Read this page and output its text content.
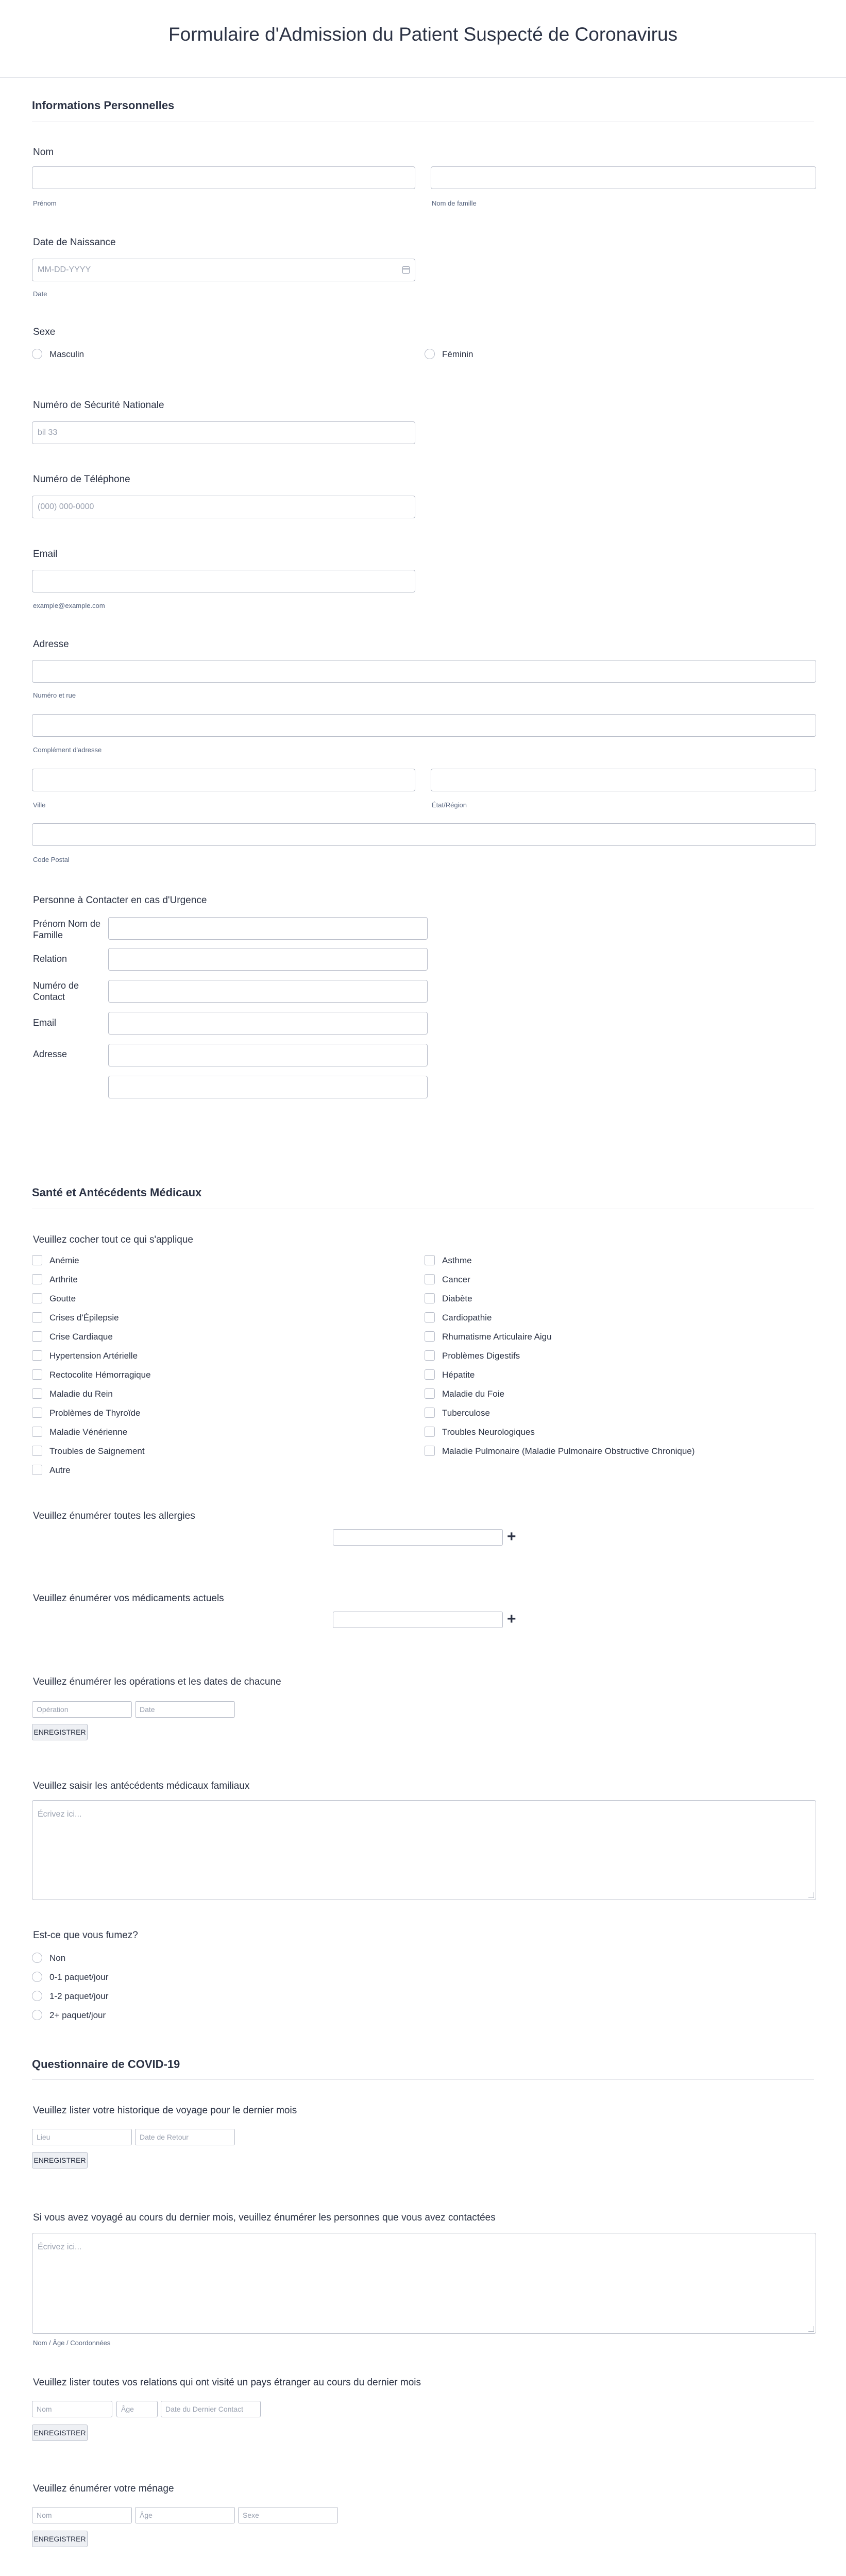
Formulaire d'Admission du Patient Suspecté de Coronavirus
Informations Personnelles
Nom
Prénom	Nom de famille
Date de Naissance
MM-DD-YYYY
Date
Sexe
Masculin	Féminin
Numéro de Sécurité Nationale
bil 33
Numéro de Téléphone
(000) 000-0000
Email
example@example.com
Adresse
Numéro et rue
Complément d'adresse
Ville	État/Région
Code Postal
Personne à Contacter en cas d'Urgence
Prénom Nom de Famille
Relation
Numéro de Contact
Email
Adresse
Santé et Antécédents Médicaux
Veuillez cocher tout ce qui s'applique
Anémie
Arthrite
Goutte
Crises d'Épilepsie
Crise Cardiaque
Hypertension Artérielle
Rectocolite Hémorragique
Maladie du Rein
Problèmes de Thyroïde
Maladie Vénérienne
Troubles de Saignement
Autre
Asthme
Cancer
Diabète
Cardiopathie
Rhumatisme Articulaire Aigu
Problèmes Digestifs
Hépatite
Maladie du Foie
Tuberculose
Troubles Neurologiques
Maladie Pulmonaire (Maladie Pulmonaire Obstructive Chronique)
Veuillez énumérer toutes les allergies
+
Veuillez énumérer vos médicaments actuels
+
Veuillez énumérer les opérations et les dates de chacune
Opération	Date
ENREGISTRER
Veuillez saisir les antécédents médicaux familiaux
Écrivez ici...
Est-ce que vous fumez?
Non
0-1 paquet/jour
1-2 paquet/jour
2+ paquet/jour
Questionnaire de COVID-19
Veuillez lister votre historique de voyage pour le dernier mois
Lieu	Date de Retour
ENREGISTRER
Si vous avez voyagé au cours du dernier mois, veuillez énumérer les personnes que vous avez contactées
Écrivez ici...
Nom / Âge / Coordonnées
Veuillez lister toutes vos relations qui ont visité un pays étranger au cours du dernier mois
Nom	Âge	Date du Dernier Contact
ENREGISTRER
Veuillez énumérer votre ménage
Nom	Âge	Sexe
ENREGISTRER
